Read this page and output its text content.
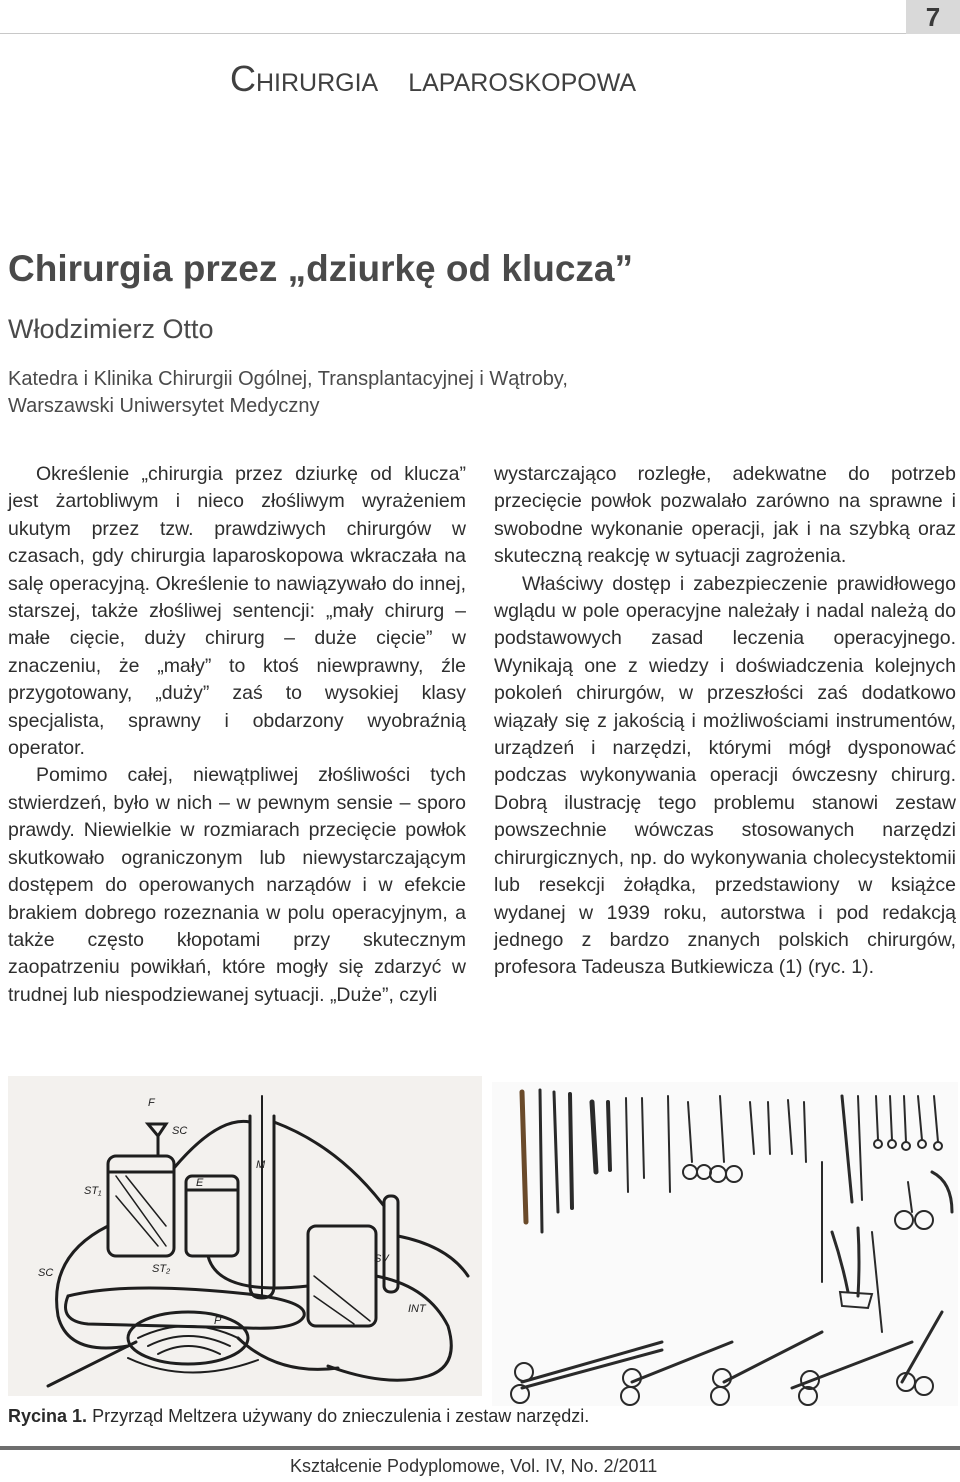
7
Chirurgia   laparoskopowa
Chirurgia przez „dziurkę od klucza”
Włodzimierz Otto
Katedra i Klinika Chirurgii Ogólnej, Transplantacyjnej i Wątroby,
Warszawski Uniwersytet Medyczny

Określenie „chirurgia przez dziurkę od klucza” jest żartobliwym i nieco złośliwym wyrażeniem ukutym przez tzw. prawdziwych chirurgów w czasach, gdy chirurgia laparoskopowa wkraczała na salę operacyjną. Określenie to nawiązywało do innej, starszej, także złośliwej sentencji: „mały chirurg – małe cięcie, duży chirurg – duże cięcie” w znaczeniu, że „mały” to ktoś niewprawny, źle przygotowany, „duży” zaś to wysokiej klasy specjalista, sprawny i obdarzony wyobraźnią operator.

Pomimo całej, niewątpliwej złośliwości tych stwierdzeń, było w nich – w pewnym sensie – sporo prawdy. Niewielkie w rozmiarach przecięcie powłok skutkowało ograniczonym lub niewystarczającym dostępem do operowanych narządów i w efekcie brakiem dobrego rozeznania w polu operacyjnym, a także często kłopotami przy skutecznym zaopatrzeniu powikłań, które mogły się zdarzyć w trudnej lub niespodziewanej sytuacji. „Duże”, czyli

wystarczająco rozległe, adekwatne do potrzeb przecięcie powłok pozwalało zarówno na sprawne i swobodne wykonanie operacji, jak i na szybką oraz skuteczną reakcję w sytuacji zagrożenia.

Właściwy dostęp i zabezpieczenie prawidłowego wglądu w pole operacyjne należały i nadal należą do podstawowych zasad leczenia operacyjnego. Wynikają one z wiedzy i doświadczenia kolejnych pokoleń chirurgów, w przeszłości zaś dodatkowo wiązały się z jakością i możliwościami instrumentów, urządzeń i narzędzi, którymi mógł dysponować podczas wykonywania operacji ówczesny chirurg. Dobrą ilustrację tego problemu stanowi zestaw powszechnie wówczas stosowanych narzędzi chirurgicznych, np. do wykonywania cholecystektomii lub resekcji żołądka, przedstawiony w książce wydanej w 1939 roku, autorstwa i pod redakcją jednego z bardzo znanych polskich chirurgów, profesora Tadeusza Butkiewicza (1) (ryc. 1).

F
SC
M
ST₁
E
SC	ST₂
SV
INT
P
Rycina 1. Przyrząd Meltzera używany do znieczulenia i zestaw narzędzi.
Kształcenie Podyplomowe, Vol. IV, No. 2/2011
